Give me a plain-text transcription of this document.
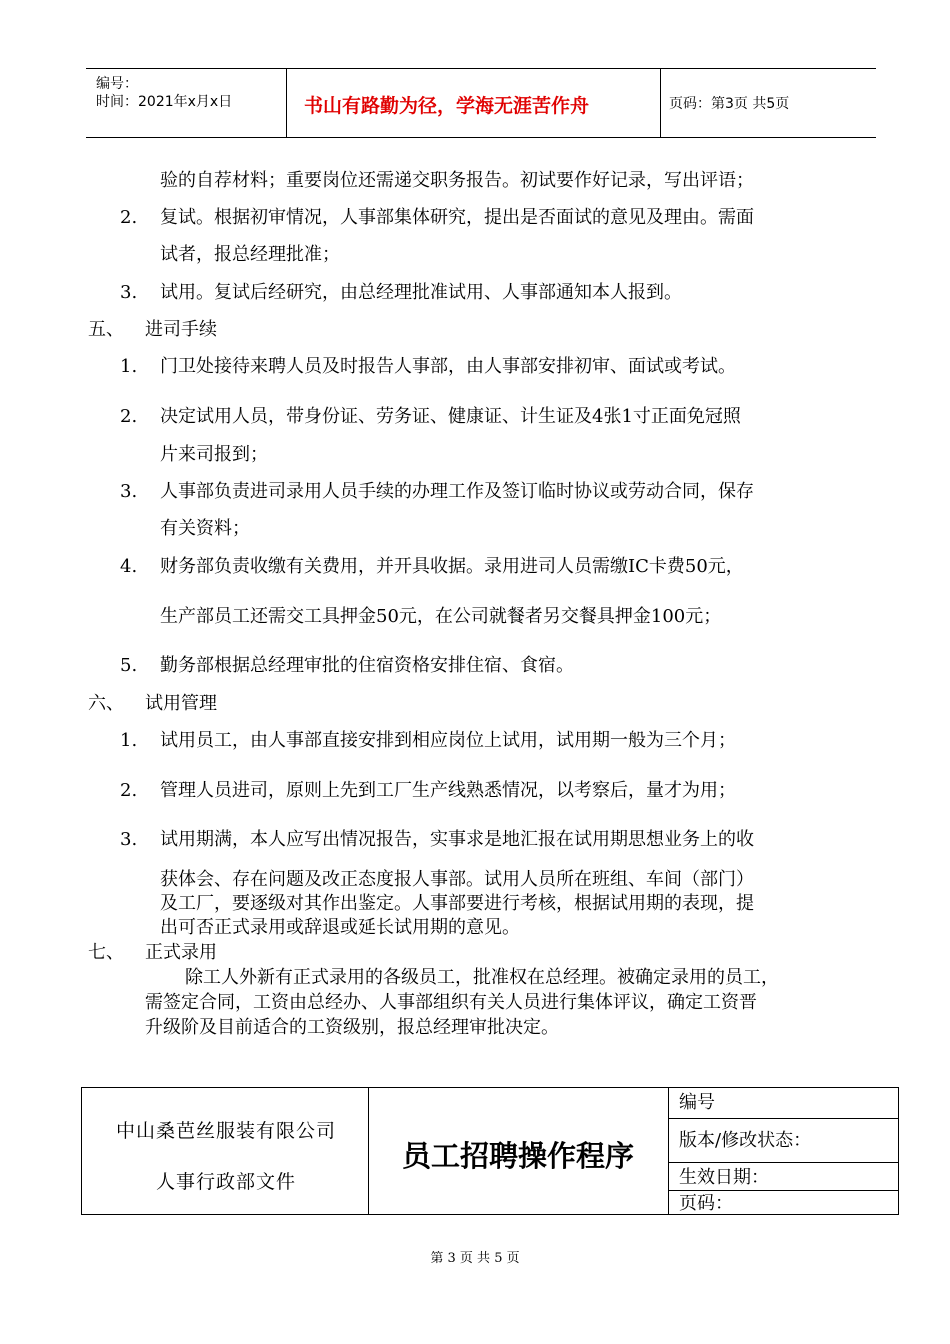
编号：
时间：2021年x月x日	书山有路勤为径，学海无涯苦作舟	页码：第3页 共5页
验的自荐材料；重要岗位还需递交职务报告。初试要作好记录，写出评语；
2. 复试。根据初审情况，人事部集体研究，提出是否面试的意见及理由。需面
试者，报总经理批准；
3. 试用。复试后经研究，由总经理批准试用、人事部通知本人报到。
五、 进司手续
1. 门卫处接待来聘人员及时报告人事部，由人事部安排初审、面试或考试。
2. 决定试用人员，带身份证、劳务证、健康证、计生证及4张1寸正面免冠照
片来司报到；
3. 人事部负责进司录用人员手续的办理工作及签订临时协议或劳动合同，保存
有关资料；
4. 财务部负责收缴有关费用，并开具收据。录用进司人员需缴IC卡费50元，
生产部员工还需交工具押金50元，在公司就餐者另交餐具押金100元；
5. 勤务部根据总经理审批的住宿资格安排住宿、食宿。
六、 试用管理
1. 试用员工，由人事部直接安排到相应岗位上试用，试用期一般为三个月；
2. 管理人员进司，原则上先到工厂生产线熟悉情况，以考察后，量才为用；
3. 试用期满，本人应写出情况报告，实事求是地汇报在试用期思想业务上的收
获体会、存在问题及改正态度报人事部。试用人员所在班组、车间（部门）
及工厂，要逐级对其作出鉴定。人事部要进行考核，根据试用期的表现，提
出可否正式录用或辞退或延长试用期的意见。
七、 正式录用
除工人外新有正式录用的各级员工，批准权在总经理。被确定录用的员工，
需签定合同，工资由总经办、人事部组织有关人员进行集体评议，确定工资晋
升级阶及目前适合的工资级别，报总经理审批决定。
中山桑芭丝服装有限公司
人事行政部文件
员工招聘操作程序
编号
版本/修改状态：
生效日期：
页码：
第 3 页 共 5 页
